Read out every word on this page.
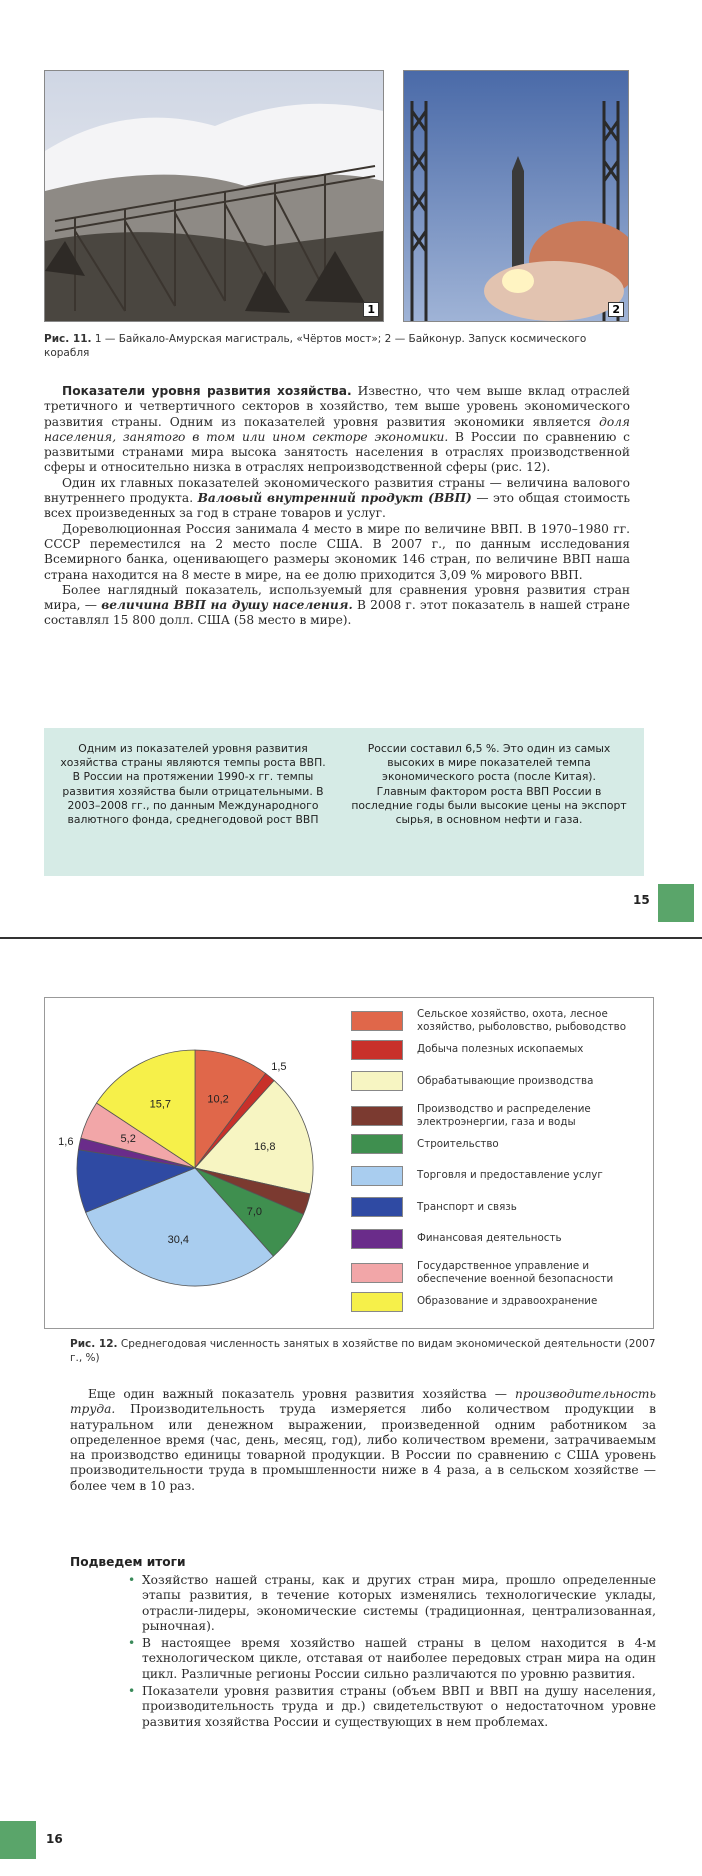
1	2
Рис. 11. 1 — Байкало-Амурская магистраль, «Чёртов мост»; 2 — Байконур. Запуск космического корабля

Показатели уровня развития хозяйства. Известно, что чем выше вклад отраслей третичного и четвертичного секторов в хозяйство, тем выше уровень экономического развития страны. Одним из показателей уровня развития экономики является доля населения, занятого в том или ином секторе экономики. В России по сравнению с развитыми странами мира высока занятость населения в отраслях производственной сферы и относительно низка в отраслях непроизводственной сферы (рис. 12).

Один их главных показателей экономического развития страны — величина валового внутреннего продукта. Валовый внутренний продукт (ВВП) — это общая стоимость всех произведенных за год в стране товаров и услуг.

Дореволюционная Россия занимала 4 место в мире по величине ВВП. В 1970–1980 гг. СССР переместился на 2 место после США. В 2007 г., по данным исследования Всемирного банка, оценивающего размеры экономик 146 стран, по величине ВВП наша страна находится на 8 месте в мире, на ее долю приходится 3,09 % мирового ВВП.

Более наглядный показатель, используемый для сравнения уровня развития стран мира, — величина ВВП на душу населения. В 2008 г. этот показатель в нашей стране составлял 15 800 долл. США (58 место в мире).

Одним из показателей уровня развития хозяйства страны являются темпы роста ВВП. В России на протяжении 1990-х гг. темпы развития хозяйства были отрицательными. В 2003–2008 гг., по данным Международного валютного фонда, среднегодовой рост ВВП
России составил 6,5 %. Это один из самых высоких в мире показателей темпа экономического роста (после Китая).
Главным фактором роста ВВП России в последние годы были высокие цены на экспорт сырья, в основном нефти и газа.
15
10,2
1,5
16,8
7,0
30,4
1,6	5,2
15,7
Сельское хозяйство, охота, лесное хозяйство, рыболовство, рыбоводство
Добыча полезных ископаемых
Обрабатывающие производства
Производство и распределение электроэнергии, газа и воды
Строительство
Торговля и предоставление услуг
Транспорт и связь
Финансовая деятельность
Государственное управление и обеспечение военной безопасности
Образование и здравоохранение
Рис. 12. Среднегодовая численность занятых в хозяйстве по видам экономической деятельности (2007 г., %)

Еще один важный показатель уровня развития хозяйства — производительность труда. Производительность труда измеряется либо количеством продукции в натуральном или денежном выражении, произведенной одним работником за определенное время (час, день, месяц, год), либо количеством времени, затрачиваемым на производство единицы товарной продукции. В России по сравнению с США уровень производительности труда в промышленности ниже в 4 раза, а в сельском хозяйстве — более чем в 10 раз.

Подведем итоги
• Хозяйство нашей страны, как и других стран мира, прошло определенные этапы развития, в течение которых изменялись технологические уклады, отрасли-лидеры, экономические системы (традиционная, централизованная, рыночная).
• В настоящее время хозяйство нашей страны в целом находится в 4-м технологическом цикле, отставая от наиболее передовых стран мира на один цикл. Различные регионы России сильно различаются по уровню развития.
• Показатели уровня развития страны (объем ВВП и ВВП на душу населения, производительность труда и др.) свидетельствуют о недостаточном уровне развития хозяйства России и существующих в нем проблемах.
16
